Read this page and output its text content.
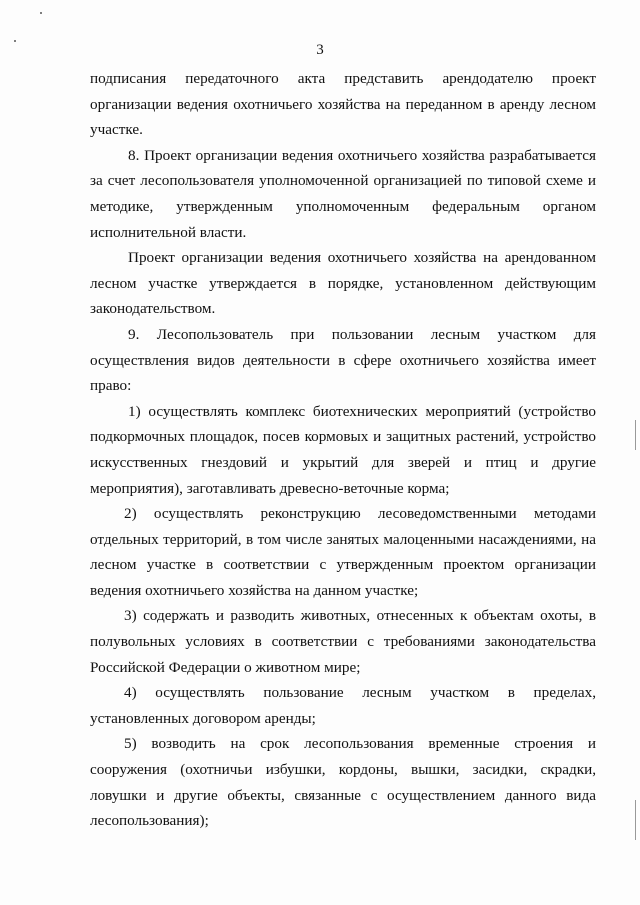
3

подписания передаточного акта представить арендодателю проект организации ведения охотничьего хозяйства на переданном в аренду лесном участке.

8. Проект организации ведения охотничьего хозяйства разрабатывается за счет лесопользователя уполномоченной организацией по типовой схеме и методике, утвержденным уполномоченным федеральным органом исполнительной власти.

Проект организации ведения охотничьего хозяйства на арендованном лесном участке утверждается в порядке, установленном действующим законодательством.

9. Лесопользователь при пользовании лесным участком для осуществления видов деятельности в сфере охотничьего хозяйства имеет право:

1) осуществлять комплекс биотехнических мероприятий (устройство подкормочных площадок, посев кормовых и защитных растений, устройство искусственных гнездовий и укрытий для зверей и птиц и другие мероприятия), заготавливать древесно-веточные корма;

2) осуществлять реконструкцию лесоведомственными методами отдельных территорий, в том числе занятых малоценными насаждениями, на лесном участке в соответствии с утвержденным проектом организации ведения охотничьего хозяйства на данном участке;

3) содержать и разводить животных, отнесенных к объектам охоты, в полувольных условиях в соответствии с требованиями законодательства Российской Федерации о животном мире;

4) осуществлять пользование лесным участком в пределах, установленных договором аренды;

5) возводить на срок лесопользования временные строения и сооружения (охотничьи избушки, кордоны, вышки, засидки, скрадки, ловушки и другие объекты, связанные с осуществлением данного вида лесопользования);
